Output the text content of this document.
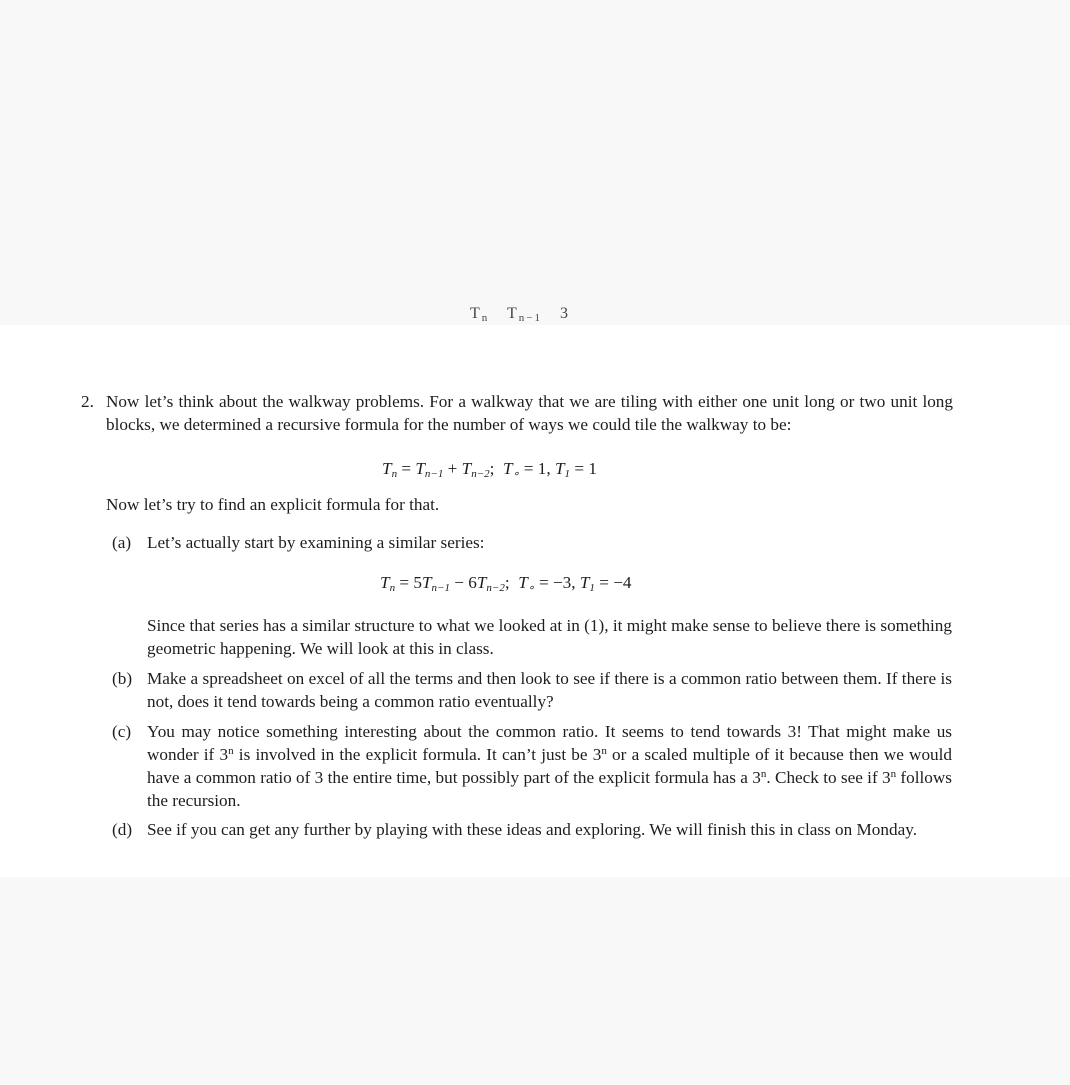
$T_n$   $T_{n-1}$   3
2. Now let’s think about the walkway problems. For a walkway that we are tiling with either one unit long or two unit long blocks, we determined a recursive formula for the number of ways we could tile the walkway to be:
$T_n = T_{n-1} + T_{n-2}$;  $T_\circ = 1$, $T_1 = 1$
Now let’s try to find an explicit formula for that.
(a) Let’s actually start by examining a similar series:
$T_n = 5T_{n-1} - 6T_{n-2}$;  $T_\circ = -3$, $T_1 = -4$
Since that series has a similar structure to what we looked at in (1), it might make sense to believe there is something geometric happening. We will look at this in class.
(b) Make a spreadsheet on excel of all the terms and then look to see if there is a common ratio between them. If there is not, does it tend towards being a common ratio eventually?
(c) You may notice something interesting about the common ratio. It seems to tend towards 3! That might make us wonder if 3$^n$ is involved in the explicit formula. It can’t just be 3$^n$ or a scaled multiple of it because then we would have a common ratio of 3 the entire time, but possibly part of the explicit formula has a 3$^n$. Check to see if 3$^n$ follows the recursion.
(d) See if you can get any further by playing with these ideas and exploring. We will finish this in class on Monday.
